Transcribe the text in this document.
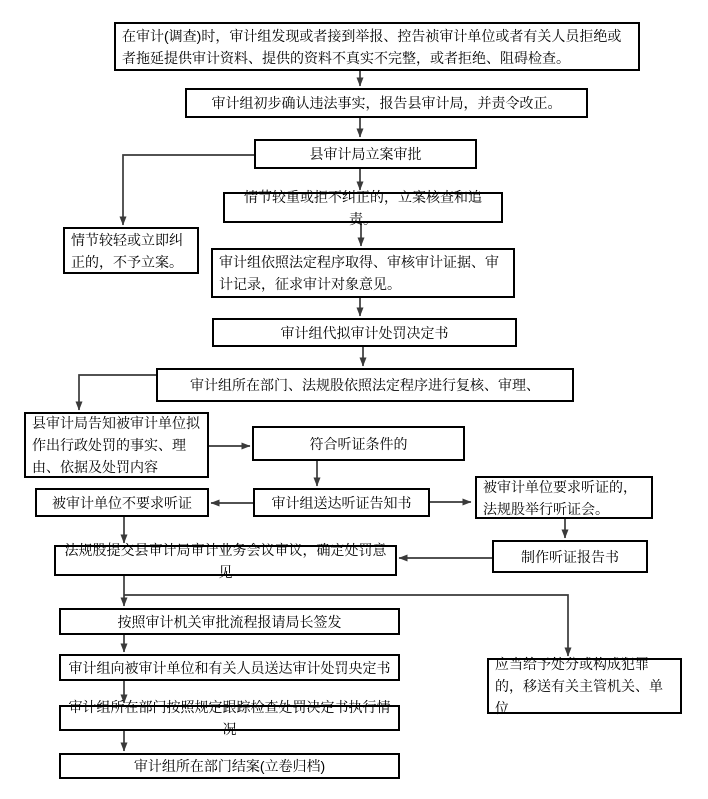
在审计(调查)时，审计组发现或者接到举报、控告祯审计单位或者有关人员拒绝或者拖延提供审计资料、提供的资料不真实不完整，或者拒绝、阻碍检查。
审计组初步确认违法事实，报告县审计局，并责令改正。
县审计局立案审批
情节较重或拒不纠正的，立案核查和追责。
情节较轻或立即纠正的，不予立案。	审计组依照法定程序取得、审核审计证据、审计记录，征求审计对象意见。
审计组代拟审计处罚决定书
审计组所在部门、法规股依照法定程序进行复核、审理、
县审计局告知被审计单位拟作出行政处罚的事实、理由、依据及处罚内容
符合听证条件的
被审计单位不要求听证	审计组送达听证告知书
被审计单位要求听证的，法规股举行听证会。
制作听证报告书
法规股提交县审计局审计业务会议审议，确定处罚意见
按照审计机关审批流程报请局长签发
审计组向被审计单位和有关人员送达审计处罚央定书
审计组所在部门按照规定跟踪检查处罚决定书执行情况
审计组所在部门结案(立卷归档)
应当给予处分或构成犯罪的，移送有关主管机关、单位
